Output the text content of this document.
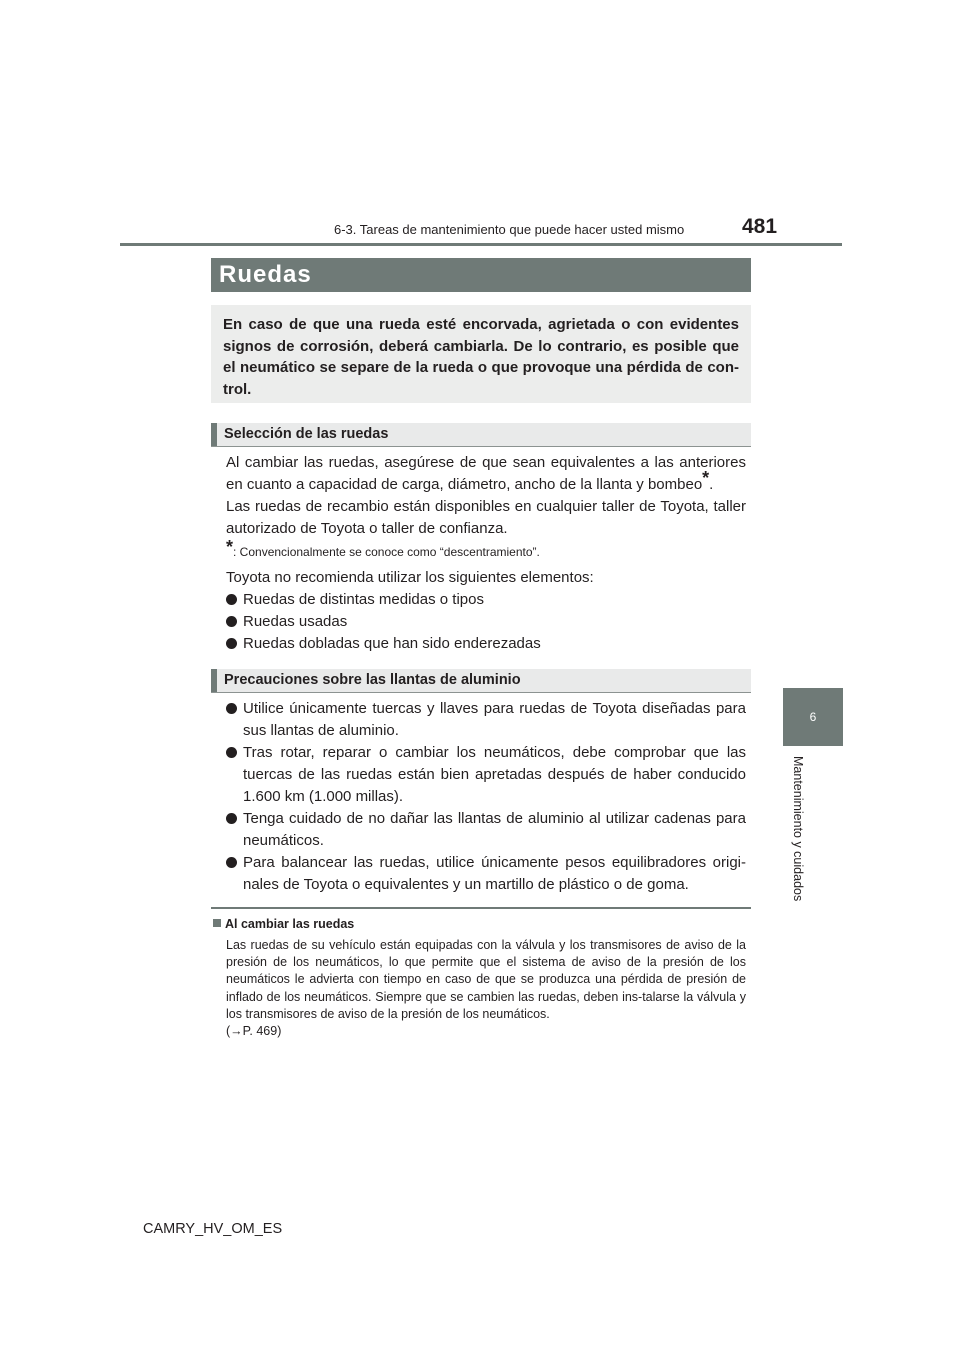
6-3. Tareas de mantenimiento que puede hacer usted mismo	481
6
Mantenimiento y cuidados
Ruedas
En caso de que una rueda esté encorvada, agrietada o con evidentes signos de corrosión, deberá cambiarla. De lo contrario, es posible que el neumático se separe de la rueda o que provoque una pérdida de con-trol.
Selección de las ruedas

Al cambiar las ruedas, asegúrese de que sean equivalentes a las anteriores en cuanto a capacidad de carga, diámetro, ancho de la llanta y bombeo*.

Las ruedas de recambio están disponibles en cualquier taller de Toyota, taller autorizado de Toyota o taller de confianza.

*: Convencionalmente se conoce como “descentramiento”.
Toyota no recomienda utilizar los siguientes elementos:
Ruedas de distintas medidas o tipos
Ruedas usadas
Ruedas dobladas que han sido enderezadas
Precauciones sobre las llantas de aluminio
Utilice únicamente tuercas y llaves para ruedas de Toyota diseñadas para sus llantas de aluminio.
Tras rotar, reparar o cambiar los neumáticos, debe comprobar que las tuercas de las ruedas están bien apretadas después de haber conducido 1.600 km (1.000 millas).
Tenga cuidado de no dañar las llantas de aluminio al utilizar cadenas para neumáticos.
Para balancear las ruedas, utilice únicamente pesos equilibradores origi-nales de Toyota o equivalentes y un martillo de plástico o de goma.
Al cambiar las ruedas
Las ruedas de su vehículo están equipadas con la válvula y los transmisores de aviso de la presión de los neumáticos, lo que permite que el sistema de aviso de la presión de los neumáticos le advierta con tiempo en caso de que se produzca una pérdida de presión de inflado de los neumáticos. Siempre que se cambien las ruedas, deben ins-talarse la válvula y los transmisores de aviso de la presión de los neumáticos.
(→P. 469)
CAMRY_HV_OM_ES
